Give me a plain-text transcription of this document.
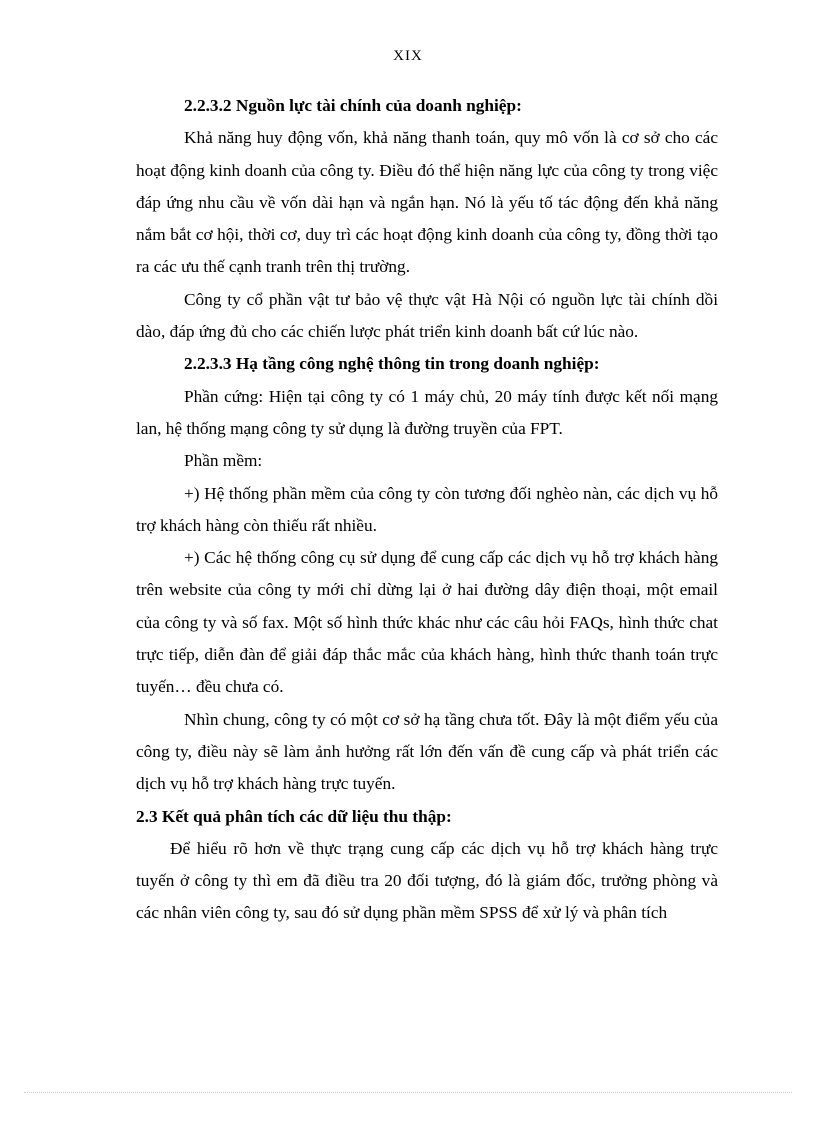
XIX

2.2.3.2 Nguồn lực tài chính của doanh nghiệp:

Khả năng huy động vốn, khả năng thanh toán, quy mô vốn là cơ sở cho các hoạt động kinh doanh của công ty. Điều đó thể hiện năng lực của công ty trong việc đáp ứng nhu cầu về vốn dài hạn và ngắn hạn. Nó là yếu tố tác động đến khả năng nắm bắt cơ hội, thời cơ, duy trì các hoạt động kinh doanh của công ty, đồng thời tạo ra các ưu thế cạnh tranh trên thị trường.

Công ty cổ phần vật tư bảo vệ thực vật Hà Nội có nguồn lực tài chính dồi dào, đáp ứng đủ cho các chiến lược phát triển kinh doanh bất cứ lúc nào.

2.2.3.3 Hạ tầng công nghệ thông tin trong doanh nghiệp:

Phần cứng: Hiện tại công ty có 1 máy chủ, 20 máy tính được kết nối mạng lan, hệ thống mạng công ty sử dụng là đường truyền của FPT.

Phần mềm:

+) Hệ thống phần mềm của công ty còn tương đối nghèo nàn, các dịch vụ hỗ trợ khách hàng còn thiếu rất nhiều.

+) Các hệ thống công cụ sử dụng để cung cấp các dịch vụ hỗ trợ khách hàng trên website của công ty mới chỉ dừng lại ở hai đường dây điện thoại, một email của công ty và số fax. Một số hình thức khác như các câu hỏi FAQs, hình thức chat trực tiếp, diễn đàn để giải đáp thắc mắc của khách hàng, hình thức thanh toán trực tuyến… đều chưa có.

Nhìn chung, công ty có một cơ sở hạ tầng chưa tốt. Đây là một điểm yếu của công ty, điều này sẽ làm ảnh hưởng rất lớn đến vấn đề cung cấp và phát triển các dịch vụ hỗ trợ khách hàng trực tuyến.

2.3 Kết quả phân tích các dữ liệu thu thập:

Để hiểu rõ hơn về thực trạng cung cấp các dịch vụ hỗ trợ khách hàng trực tuyến ở công ty thì em đã điều tra 20 đối tượng, đó là giám đốc, trưởng phòng và các nhân viên công ty, sau đó sử dụng phần mềm SPSS để xử lý và phân tích
